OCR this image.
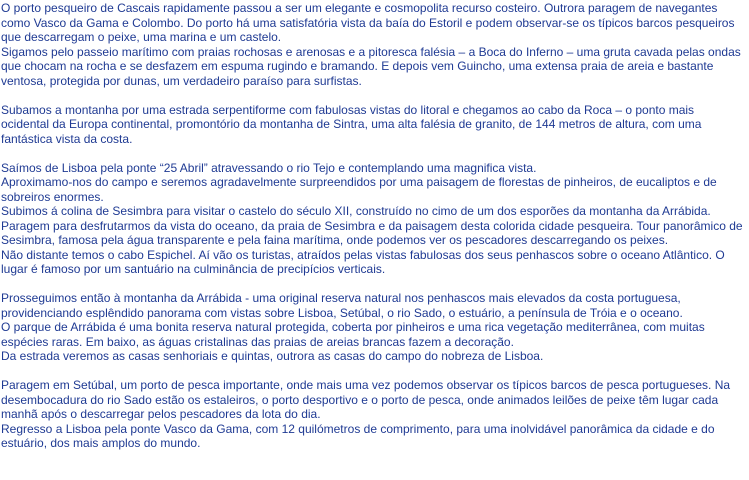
O porto pesqueiro de Cascais rapidamente passou a ser um elegante e cosmopolita recurso costeiro. Outrora paragem de navegantes como Vasco da Gama e Colombo. Do porto há uma satisfatória vista da baía do Estoril e podem observar-se os típicos barcos pesqueiros que descarregam o peixe, uma marina e um castelo.
Sigamos pelo passeio marítimo com praias rochosas e arenosas e a pitoresca falésia – a Boca do Inferno – uma gruta cavada pelas ondas que chocam na rocha e se desfazem em espuma rugindo e bramando. E depois vem Guincho, uma extensa praia de areia e bastante ventosa, protegida por dunas, um verdadeiro paraíso para surfistas.

Subamos a montanha por uma estrada serpentiforme com fabulosas vistas do litoral e chegamos ao cabo da Roca – o ponto mais ocidental da Europa continental, promontório da montanha de Sintra, uma alta falésia de granito, de 144 metros de altura, com uma fantástica vista da costa.

Saímos de Lisboa pela ponte “25 Abril” atravessando o rio Tejo e contemplando uma magnifica vista.
Aproximamo-nos do campo e seremos agradavelmente surpreendidos por uma paisagem de florestas de pinheiros, de eucaliptos e de sobreiros enormes.
Subimos á colina de Sesimbra para visitar o castelo do século XII, construído no cimo de um dos esporões da montanha da Arrábida. Paragem para desfrutarmos da vista do oceano, da praia de Sesimbra e da paisagem desta colorida cidade pesqueira. Tour panorâmico de Sesimbra, famosa pela água transparente e pela faina marítima, onde podemos ver os pescadores descarregando os peixes.
Não distante temos o cabo Espichel. Aí vão os turistas, atraídos pelas vistas fabulosas dos seus penhascos sobre o oceano Atlântico. O lugar é famoso por um santuário na culminância de precipícios verticais.

Prosseguimos então à montanha da Arrábida - uma original reserva natural nos penhascos mais elevados da costa portuguesa, providenciando esplêndido panorama com vistas sobre Lisboa, Setúbal, o rio Sado, o estuário, a península de Tróia e o oceano.
O parque de Arrábida é uma bonita reserva natural protegida, coberta por pinheiros e uma rica vegetação mediterrânea, com muitas espécies raras. Em baixo, as águas cristalinas das praias de areias brancas fazem a decoração.
Da estrada veremos as casas senhoriais e quintas, outrora as casas do campo do nobreza de Lisboa.

Paragem em Setúbal, um porto de pesca importante, onde mais uma vez podemos observar os típicos barcos de pesca portugueses. Na desembocadura do rio Sado estão os estaleiros, o porto desportivo e o porto de pesca, onde animados leilões de peixe têm lugar cada manhã após o descarregar pelos pescadores da lota do dia.
Regresso a Lisboa pela ponte Vasco da Gama, com 12 quilómetros de comprimento, para uma inolvidável panorâmica da cidade e do estuário, dos mais amplos do mundo.
